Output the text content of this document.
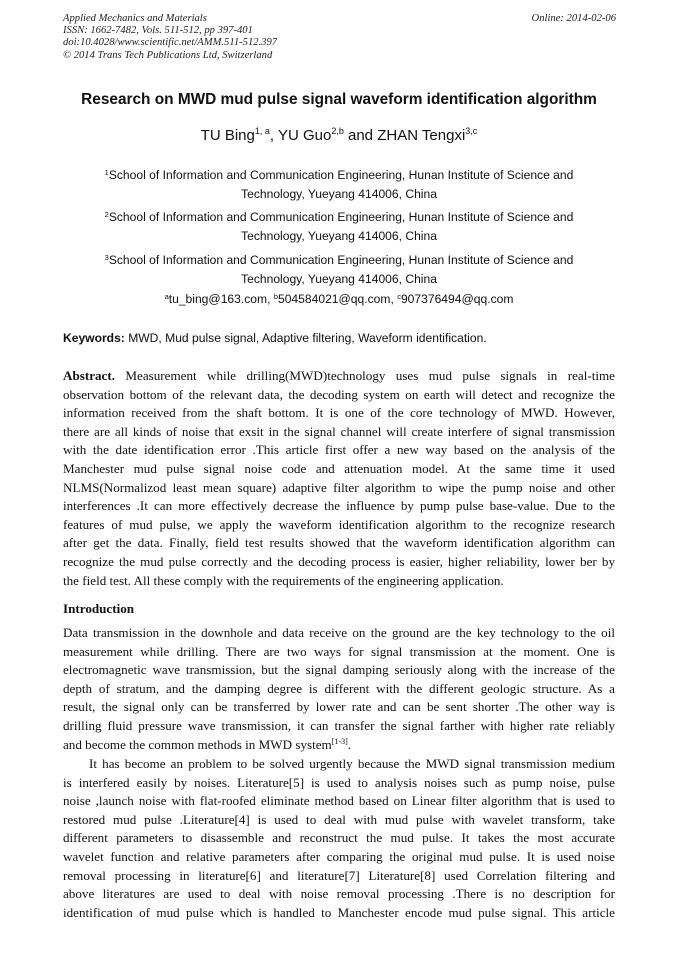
Applied Mechanics and Materials
ISSN: 1662-7482, Vols. 511-512, pp 397-401
doi:10.4028/www.scientific.net/AMM.511-512.397
© 2014 Trans Tech Publications Ltd, Switzerland
Online: 2014-02-06
Research on MWD mud pulse signal waveform identification algorithm
TU Bing$^{1, a}$, YU Guo$^{2,b}$ and ZHAN Tengxi$^{3,c}$
$^1$School of Information and Communication Engineering, Hunan Institute of Science and
Technology, Yueyang 414006, China
$^2$School of Information and Communication Engineering, Hunan Institute of Science and
Technology, Yueyang 414006, China
$^3$School of Information and Communication Engineering, Hunan Institute of Science and
Technology, Yueyang 414006, China
$^a$tu_bing@163.com, $^b$504584021@qq.com, $^c$907376494@qq.com
Keywords: MWD, Mud pulse signal, Adaptive filtering, Waveform identification.
Abstract. Measurement while drilling(MWD)technology uses mud pulse signals in real-time
observation bottom of the relevant data, the decoding system on earth will detect and recognize the
information received from the shaft bottom. It is one of the core technology of MWD. However,
there are all kinds of noise that exsit in the signal channel will create interfere of signal transmission
with the date identification error .This article first offer a new way based on the analysis of the
Manchester mud pulse signal noise code and attenuation model. At the same time it used
NLMS(Normalizod least mean square) adaptive filter algorithm to wipe the pump noise and other
interferences .It can more effectively decrease the influence by pump pulse base-value. Due to the
features of mud pulse, we apply the waveform identification algorithm to the recognize research
after get the data. Finally, field test results showed that the waveform identification algorithm can
recognize the mud pulse correctly and the decoding process is easier, higher reliability, lower ber by
the field test. All these comply with the requirements of the engineering application.
Introduction
Data transmission in the downhole and data receive on the ground are the key technology to the oil
measurement while drilling. There are two ways for signal transmission at the moment. One is
electromagnetic wave transmission, but the signal damping seriously along with the increase of the
depth of stratum, and the damping degree is different with the different geologic structure. As a
result, the signal only can be transferred by lower rate and can be sent shorter .The other way is
drilling fluid pressure wave transmission, it can transfer the signal farther with higher rate reliably
and become the common methods in MWD system[1-3].
It has become an problem to be solved urgently because the MWD signal transmission medium
is interfered easily by noises. Literature[5] is used to analysis noises such as pump noise, pulse
noise ,launch noise with flat-roofed eliminate method based on Linear filter algorithm that is used to
restored mud pulse .Literature[4] is used to deal with mud pulse with wavelet transform, take
different parameters to disassemble and reconstruct the mud pulse. It takes the most accurate
wavelet function and relative parameters after comparing the original mud pulse. It is used noise
removal processing in literature[6] and literature[7] Literature[8] used Correlation filtering and
above literatures are used to deal with noise removal processing .There is no description for
identification of mud pulse which is handled to Manchester encode mud pulse signal. This article
